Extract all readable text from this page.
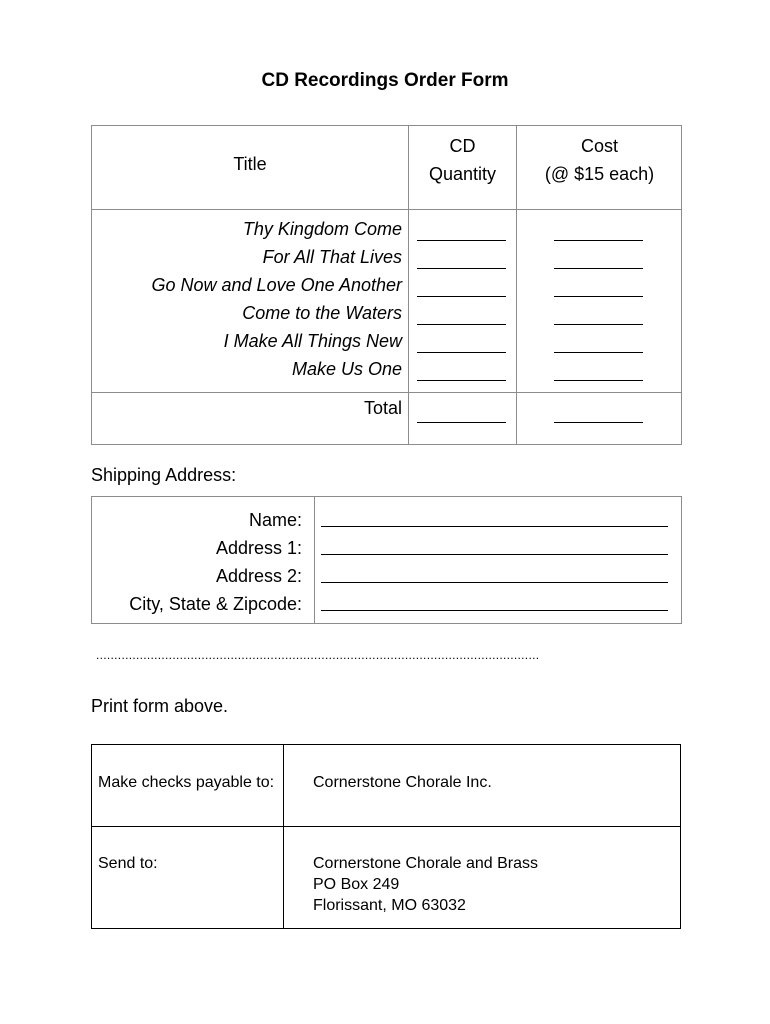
CD Recordings Order Form
Title
CD
Quantity
Cost
(@ $15 each)
Thy Kingdom Come
For All That Lives
Go Now and Love One Another
Come to the Waters
I Make All Things New
Make Us One
Total
Shipping Address:
Name:
Address 1:
Address 2:
City, State & Zipcode:
..........................................................................................................................
Print form above.
Make checks payable to: Cornerstone Chorale Inc.
Send to:	Cornerstone Chorale and Brass
PO Box 249
Florissant, MO 63032
